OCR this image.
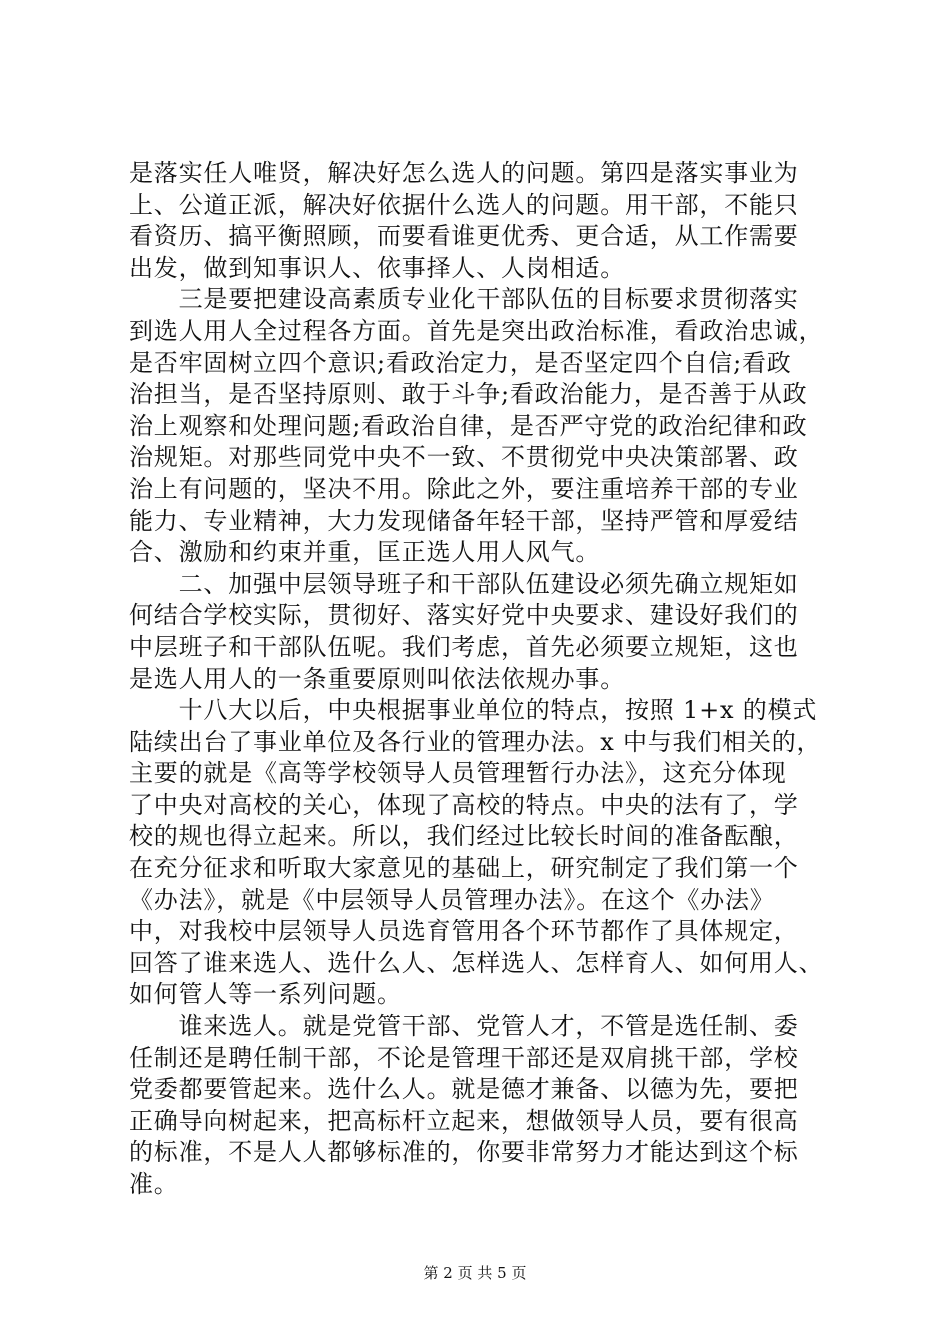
是落实任人唯贤，解决好怎么选人的问题。第四是落实事业为
上、公道正派，解决好依据什么选人的问题。用干部，不能只
看资历、搞平衡照顾，而要看谁更优秀、更合适，从工作需要
出发，做到知事识人、依事择人、人岗相适。
　　三是要把建设高素质专业化干部队伍的目标要求贯彻落实
到选人用人全过程各方面。首先是突出政治标准，看政治忠诚，
是否牢固树立四个意识;看政治定力，是否坚定四个自信;看政
治担当，是否坚持原则、敢于斗争;看政治能力，是否善于从政
治上观察和处理问题;看政治自律，是否严守党的政治纪律和政
治规矩。对那些同党中央不一致、不贯彻党中央决策部署、政
治上有问题的，坚决不用。除此之外，要注重培养干部的专业
能力、专业精神，大力发现储备年轻干部，坚持严管和厚爱结
合、激励和约束并重，匡正选人用人风气。
　　二、加强中层领导班子和干部队伍建设必须先确立规矩如
何结合学校实际，贯彻好、落实好党中央要求、建设好我们的
中层班子和干部队伍呢。我们考虑，首先必须要立规矩，这也
是选人用人的一条重要原则叫依法依规办事。
　　十八大以后，中央根据事业单位的特点，按照 1+x 的模式
陆续出台了事业单位及各行业的管理办法。x 中与我们相关的，
主要的就是《高等学校领导人员管理暂行办法》，这充分体现
了中央对高校的关心，体现了高校的特点。中央的法有了，学
校的规也得立起来。所以，我们经过比较长时间的准备酝酿，
在充分征求和听取大家意见的基础上，研究制定了我们第一个
《办法》，就是《中层领导人员管理办法》。在这个《办法》
中，对我校中层领导人员选育管用各个环节都作了具体规定，
回答了谁来选人、选什么人、怎样选人、怎样育人、如何用人、
如何管人等一系列问题。
　　谁来选人。就是党管干部、党管人才，不管是选任制、委
任制还是聘任制干部，不论是管理干部还是双肩挑干部，学校
党委都要管起来。选什么人。就是德才兼备、以德为先，要把
正确导向树起来，把高标杆立起来，想做领导人员，要有很高
的标准，不是人人都够标准的，你要非常努力才能达到这个标
准。
第 2 页 共 5 页
